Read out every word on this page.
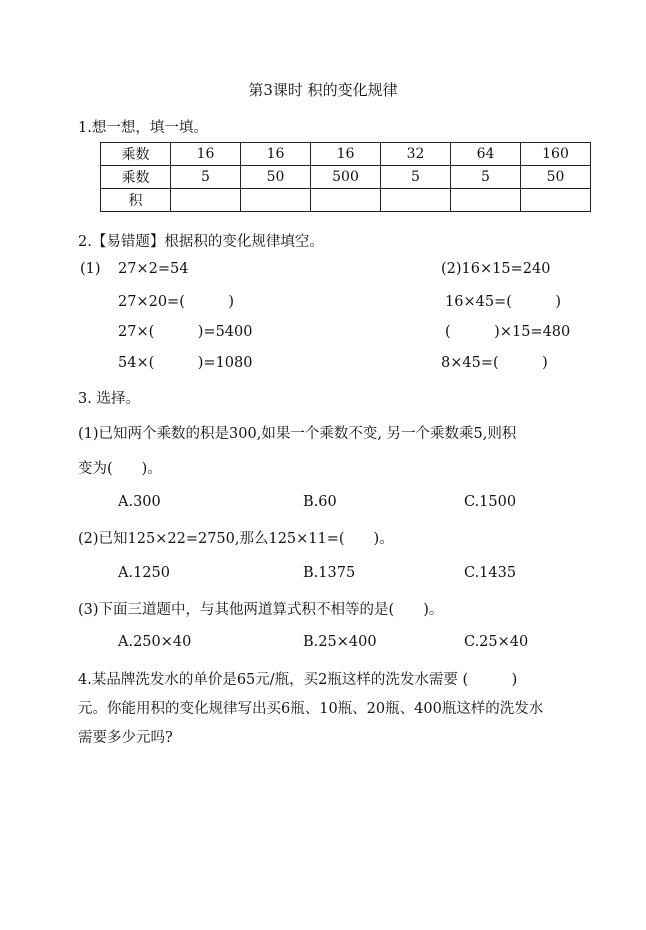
第3课时 积的变化规律
1.想一想，填一填。
乘数	16	16	16	32	64	160
乘数	5	50	500	5	5	50
积						
2.【易错题】根据积的变化规律填空。
(1) 27×2=54
27×20=(　　　)
27×(　　　)=5400
54×(　　　)=1080
(2)16×15=240
16×45=(　　　)
(　　　)×15=480
8×45=(　　　)
3. 选择。
(1)已知两个乘数的积是300,如果一个乘数不变, 另一个乘数乘5,则积
变为(　　)。
A.300	B.60	C.1500
(2)已知125×22=2750,那么125×11=(　　)。
A.1250	B.1375	C.1435
(3)下面三道题中，与其他两道算式积不相等的是(　　)。
A.250×40	B.25×400	C.25×40
4.某品牌洗发水的单价是65元/瓶，买2瓶这样的洗发水需要 (　　　)
元。你能用积的变化规律写出买6瓶、10瓶、20瓶、400瓶这样的洗发水
需要多少元吗?
